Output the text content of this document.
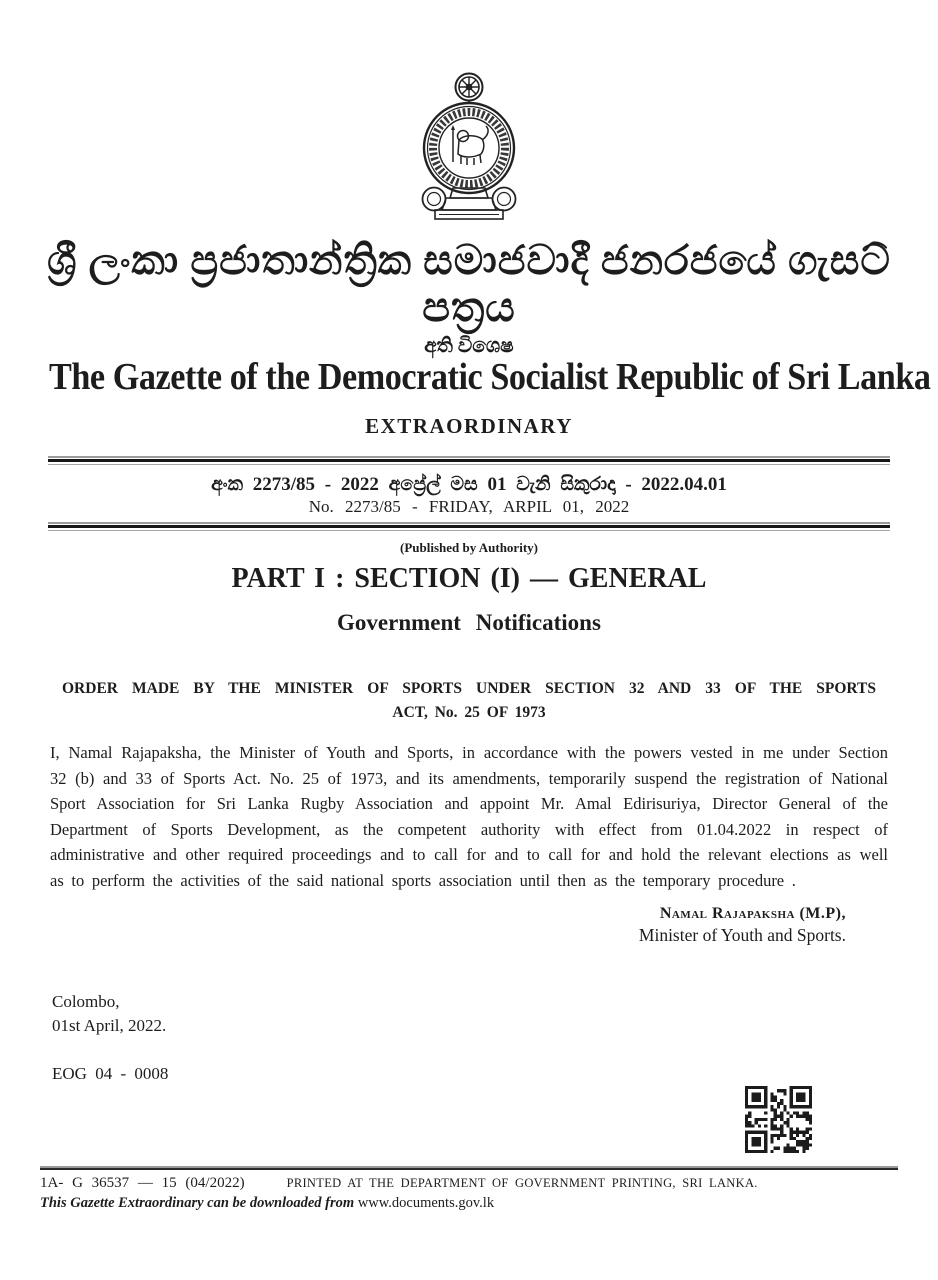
ශ්‍රී ලංකා ප්‍රජාතාන්ත්‍රික සමාජවාදී ජනරජයේ ගැසට් පත්‍රය
අති විශෙෂ
The Gazette of the Democratic Socialist Republic of Sri Lanka
EXTRAORDINARY
අංක 2273/85 - 2022 අප්‍රේල් මස 01 වැනි සිකුරාදා - 2022.04.01
No. 2273/85 - FRIDAY, ARPIL 01, 2022
(Published by Authority)
PART I : SECTION (I) — GENERAL
Government Notifications
ORDER MADE BY THE MINISTER OF SPORTS UNDER SECTION 32 AND 33 OF THE SPORTS
ACT, No. 25 OF 1973
I, Namal Rajapaksha, the Minister of Youth and Sports, in accordance with the powers vested in me under Section 32 (b) and 33 of Sports Act. No. 25 of 1973, and its amendments, temporarily suspend the registration of National Sport Association for Sri Lanka Rugby Association and appoint Mr. Amal Edirisuriya, Director General of the Department of Sports Development, as the competent authority with effect from 01.04.2022 in respect of administrative and other required proceedings and to call for and to call for and hold the relevant elections as well as to perform the activities of the said national sports association until then as the temporary procedure .
Namal Rajapaksha (M.P),
Minister of Youth and Sports.
Colombo,
01st April, 2022.
EOG 04 - 0008
1A- G 36537 — 15 (04/2022)	PRINTED AT THE DEPARTMENT OF GOVERNMENT PRINTING, SRI LANKA.
This Gazette Extraordinary can be downloaded from www.documents.gov.lk
